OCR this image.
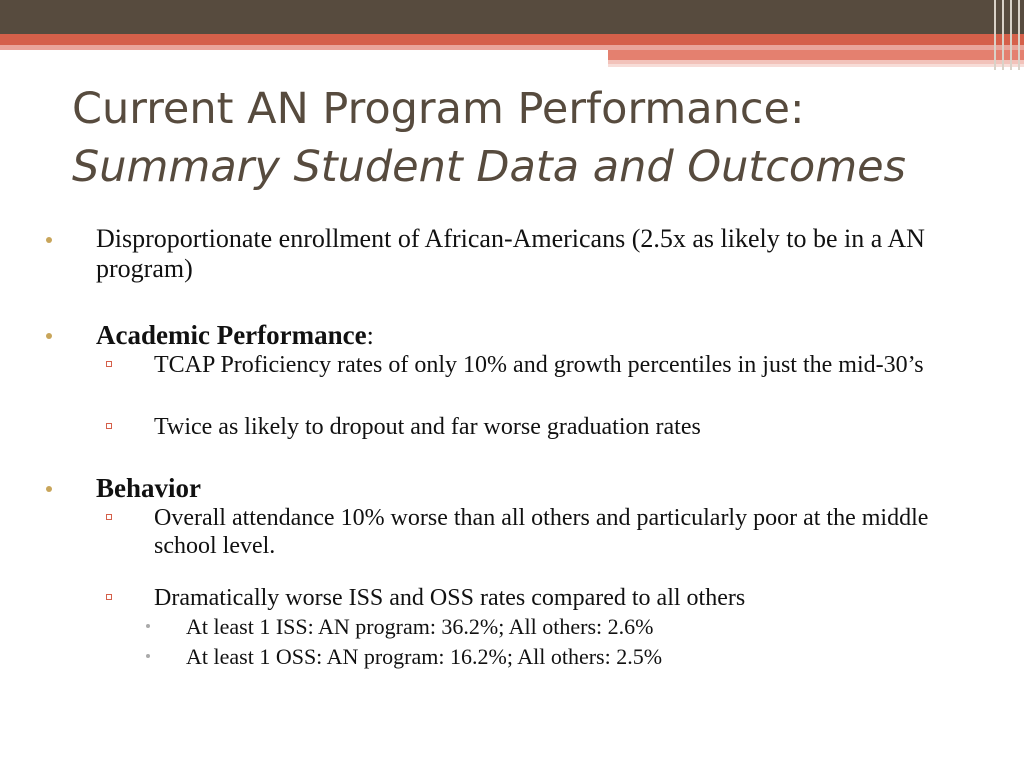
Current AN Program Performance:
Summary Student Data and Outcomes
Disproportionate enrollment of African-Americans (2.5x as likely to be in a AN program)
Academic Performance:
TCAP Proficiency rates of only 10% and growth percentiles in just the mid-30’s
Twice as likely to dropout and far worse graduation rates
Behavior
Overall attendance 10% worse than all others and particularly poor at the middle school level.
Dramatically worse ISS and OSS rates compared to all others
At least 1 ISS: AN program: 36.2%; All others: 2.6%
At least 1 OSS: AN program: 16.2%; All others: 2.5%
